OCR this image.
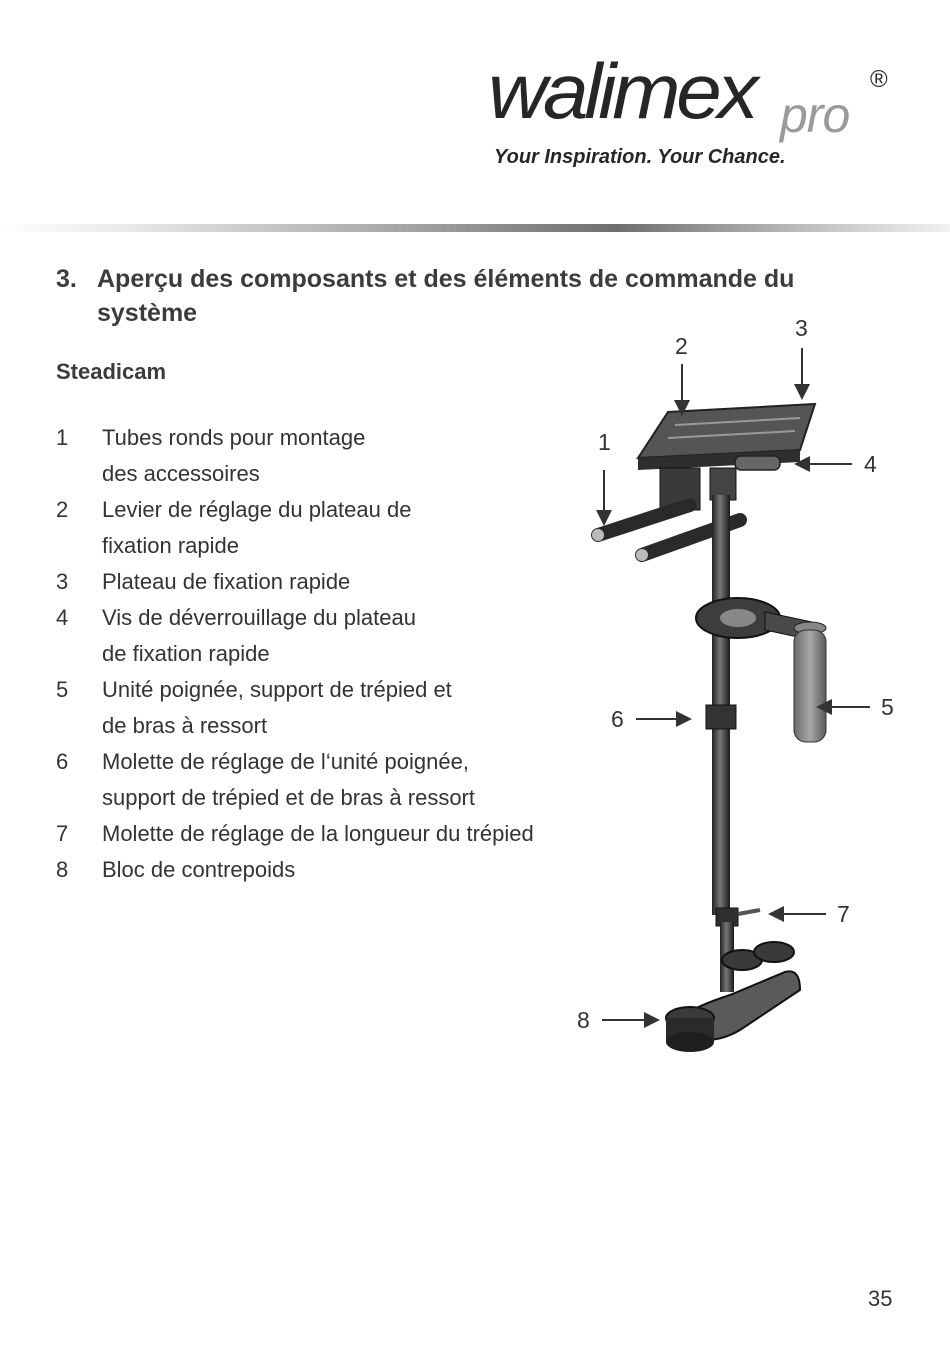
walimex pro
®
Your Inspiration. Your Chance.
3. Aperçu des composants et des éléments de commande du système
Steadicam
1	Tubes ronds pour montage
des accessoires
2	Levier de réglage du plateau de
fixation rapide
3	Plateau de fixation rapide
4	Vis de déverrouillage du plateau
de fixation rapide
5	Unité poignée, support de trépied et
de bras à ressort
6	Molette de réglage de l‘unité poignée,
support de trépied et de bras à ressort
7	Molette de réglage de la longueur du trépied
8	Bloc de contrepoids
1
2
3
4
5
6
7
8
35
